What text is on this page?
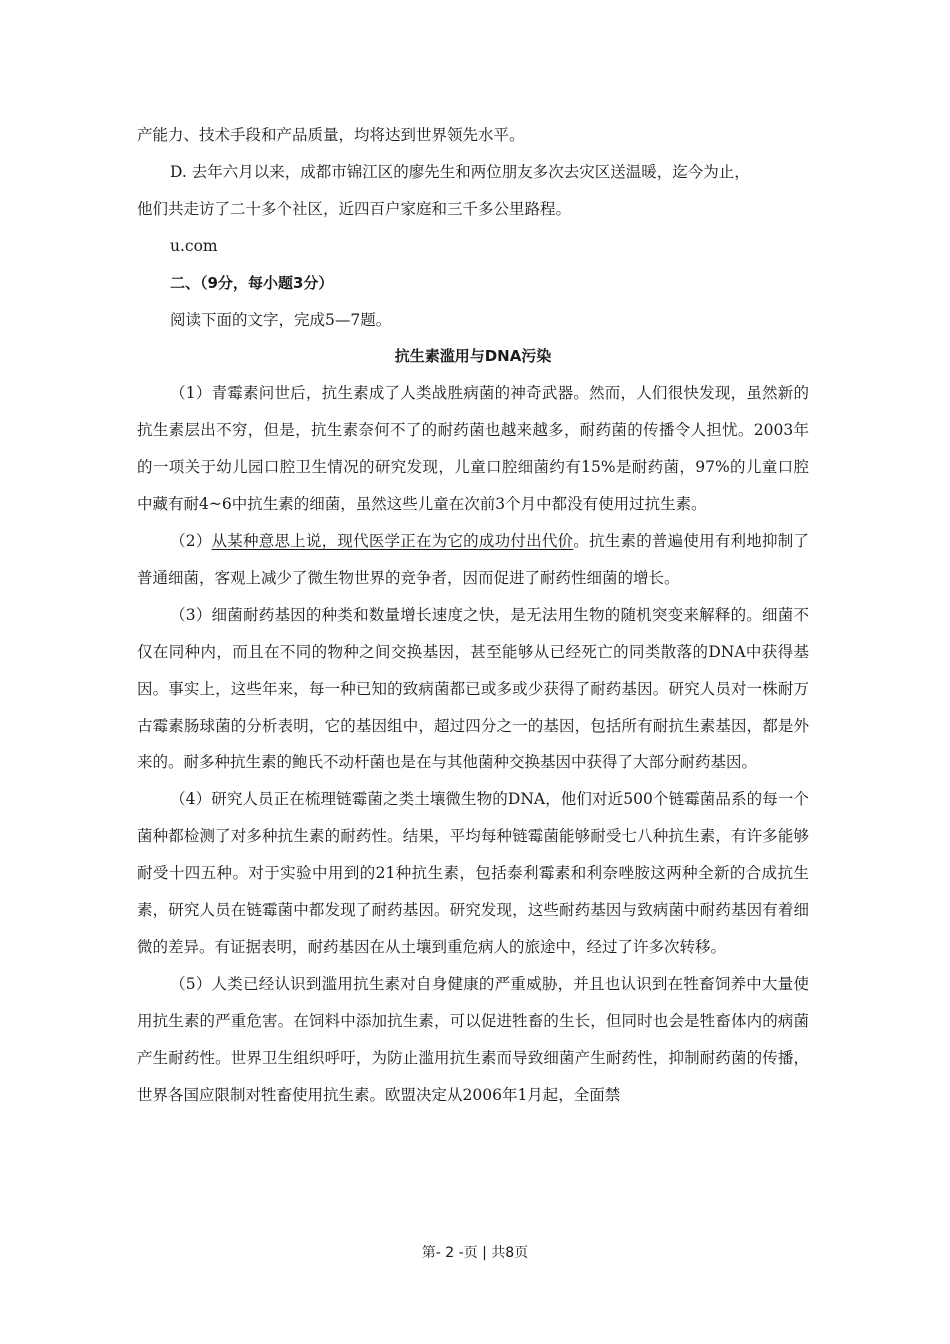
产能力、技术手段和产品质量，均将达到世界领先水平。

D. 去年六月以来，成都市锦江区的廖先生和两位朋友多次去灾区送温暖，迄今为止，

他们共走访了二十多个社区，近四百户家庭和三千多公里路程。

u.com

二、（9分，每小题3分）

阅读下面的文字，完成5—7题。

抗生素滥用与DNA污染

（1）青霉素问世后，抗生素成了人类战胜病菌的神奇武器。然而，人们很快发现，虽然新的抗生素层出不穷，但是，抗生素奈何不了的耐药菌也越来越多，耐药菌的传播令人担忧。2003年的一项关于幼儿园口腔卫生情况的研究发现，儿童口腔细菌约有15%是耐药菌，97%的儿童口腔中藏有耐4~6中抗生素的细菌，虽然这些儿童在次前3个月中都没有使用过抗生素。

（2）从某种意思上说，现代医学正在为它的成功付出代价。抗生素的普遍使用有利地抑制了普通细菌，客观上减少了微生物世界的竞争者，因而促进了耐药性细菌的增长。

（3）细菌耐药基因的种类和数量增长速度之快，是无法用生物的随机突变来解释的。细菌不仅在同种内，而且在不同的物种之间交换基因，甚至能够从已经死亡的同类散落的DNA中获得基因。事实上，这些年来，每一种已知的致病菌都已或多或少获得了耐药基因。研究人员对一株耐万古霉素肠球菌的分析表明，它的基因组中，超过四分之一的基因，包括所有耐抗生素基因，都是外来的。耐多种抗生素的鲍氏不动杆菌也是在与其他菌种交换基因中获得了大部分耐药基因。

（4）研究人员正在梳理链霉菌之类土壤微生物的DNA，他们对近500个链霉菌品系的每一个菌种都检测了对多种抗生素的耐药性。结果，平均每种链霉菌能够耐受七八种抗生素，有许多能够耐受十四五种。对于实验中用到的21种抗生素，包括泰利霉素和利奈唑胺这两种全新的合成抗生素，研究人员在链霉菌中都发现了耐药基因。研究发现，这些耐药基因与致病菌中耐药基因有着细微的差异。有证据表明，耐药基因在从土壤到重危病人的旅途中，经过了许多次转移。

（5）人类已经认识到滥用抗生素对自身健康的严重威胁，并且也认识到在牲畜饲养中大量使用抗生素的严重危害。在饲料中添加抗生素，可以促进牲畜的生长，但同时也会是牲畜体内的病菌产生耐药性。世界卫生组织呼吁，为防止滥用抗生素而导致细菌产生耐药性，抑制耐药菌的传播，世界各国应限制对牲畜使用抗生素。欧盟决定从2006年1月起，全面禁

第- 2 -页 | 共8页
